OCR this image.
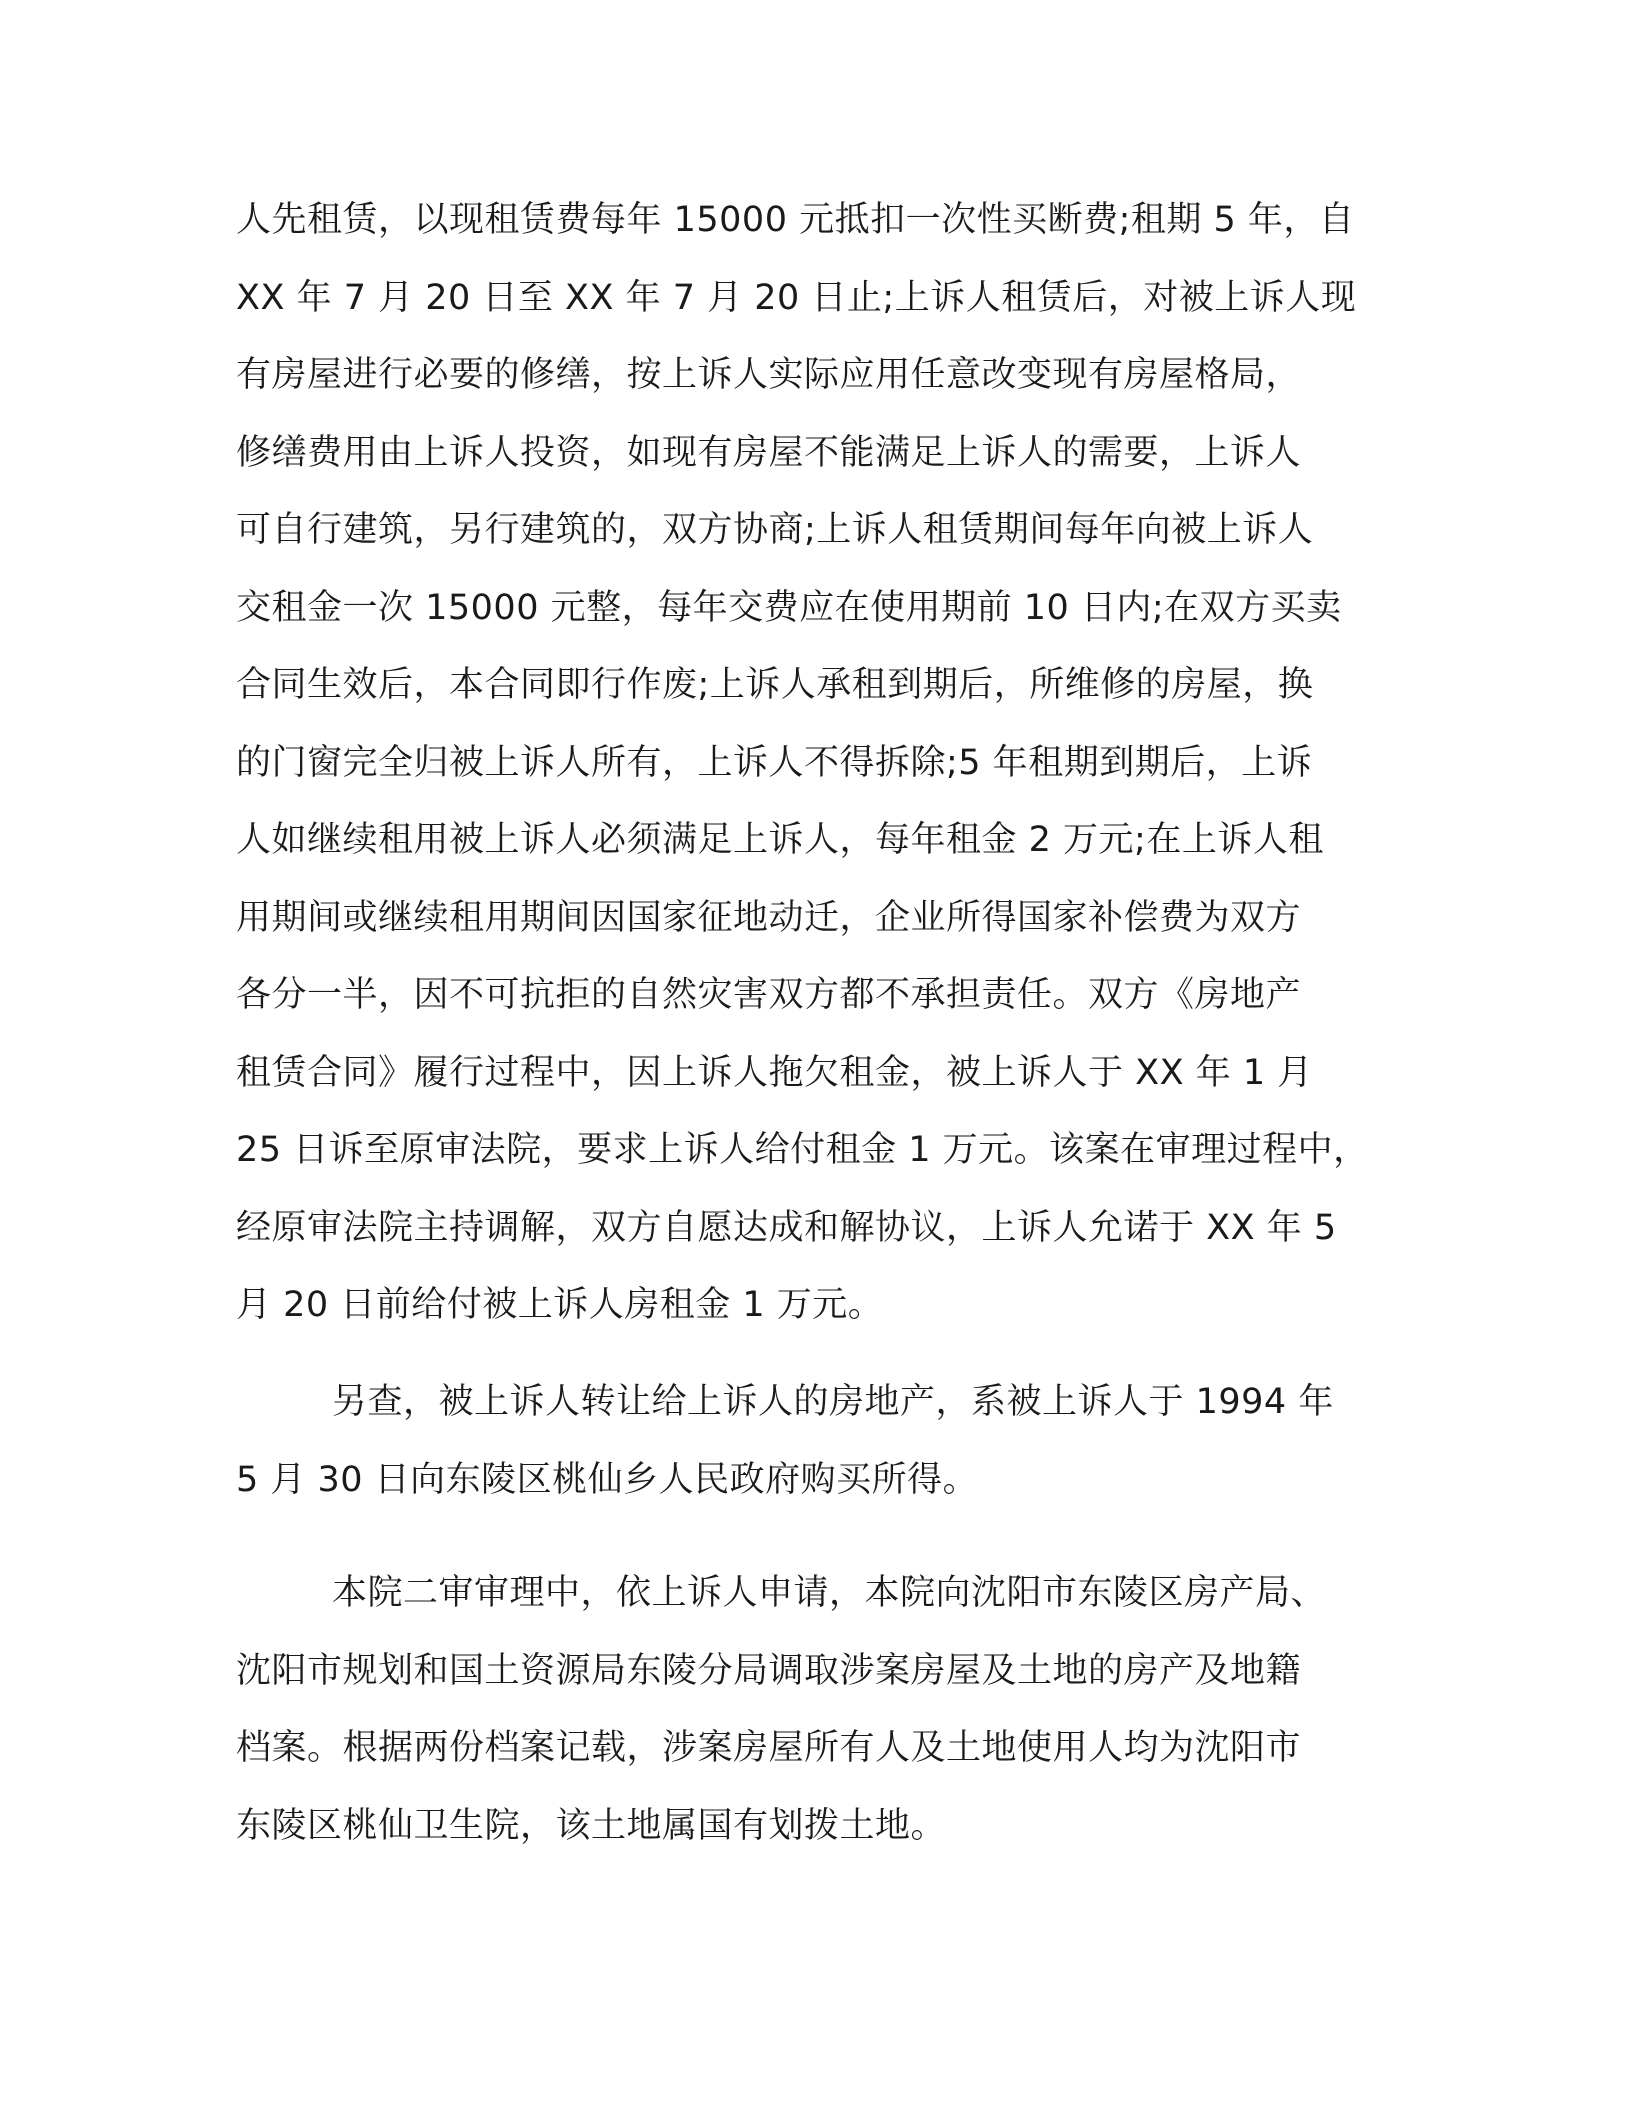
人先租赁，以现租赁费每年 15000 元抵扣一次性买断费;租期 5 年，自
XX 年 7 月 20 日至 XX 年 7 月 20 日止;上诉人租赁后，对被上诉人现
有房屋进行必要的修缮，按上诉人实际应用任意改变现有房屋格局，
修缮费用由上诉人投资，如现有房屋不能满足上诉人的需要，上诉人
可自行建筑，另行建筑的，双方协商;上诉人租赁期间每年向被上诉人
交租金一次 15000 元整，每年交费应在使用期前 10 日内;在双方买卖
合同生效后，本合同即行作废;上诉人承租到期后，所维修的房屋，换
的门窗完全归被上诉人所有，上诉人不得拆除;5 年租期到期后，上诉
人如继续租用被上诉人必须满足上诉人，每年租金 2 万元;在上诉人租
用期间或继续租用期间因国家征地动迁，企业所得国家补偿费为双方
各分一半，因不可抗拒的自然灾害双方都不承担责任。双方《房地产
租赁合同》履行过程中，因上诉人拖欠租金，被上诉人于 XX 年 1 月
25 日诉至原审法院，要求上诉人给付租金 1 万元。该案在审理过程中，
经原审法院主持调解，双方自愿达成和解协议，上诉人允诺于 XX 年 5
月 20 日前给付被上诉人房租金 1 万元。
另查，被上诉人转让给上诉人的房地产，系被上诉人于 1994 年
5 月 30 日向东陵区桃仙乡人民政府购买所得。
本院二审审理中，依上诉人申请，本院向沈阳市东陵区房产局、
沈阳市规划和国土资源局东陵分局调取涉案房屋及土地的房产及地籍
档案。根据两份档案记载，涉案房屋所有人及土地使用人均为沈阳市
东陵区桃仙卫生院，该土地属国有划拨土地。
